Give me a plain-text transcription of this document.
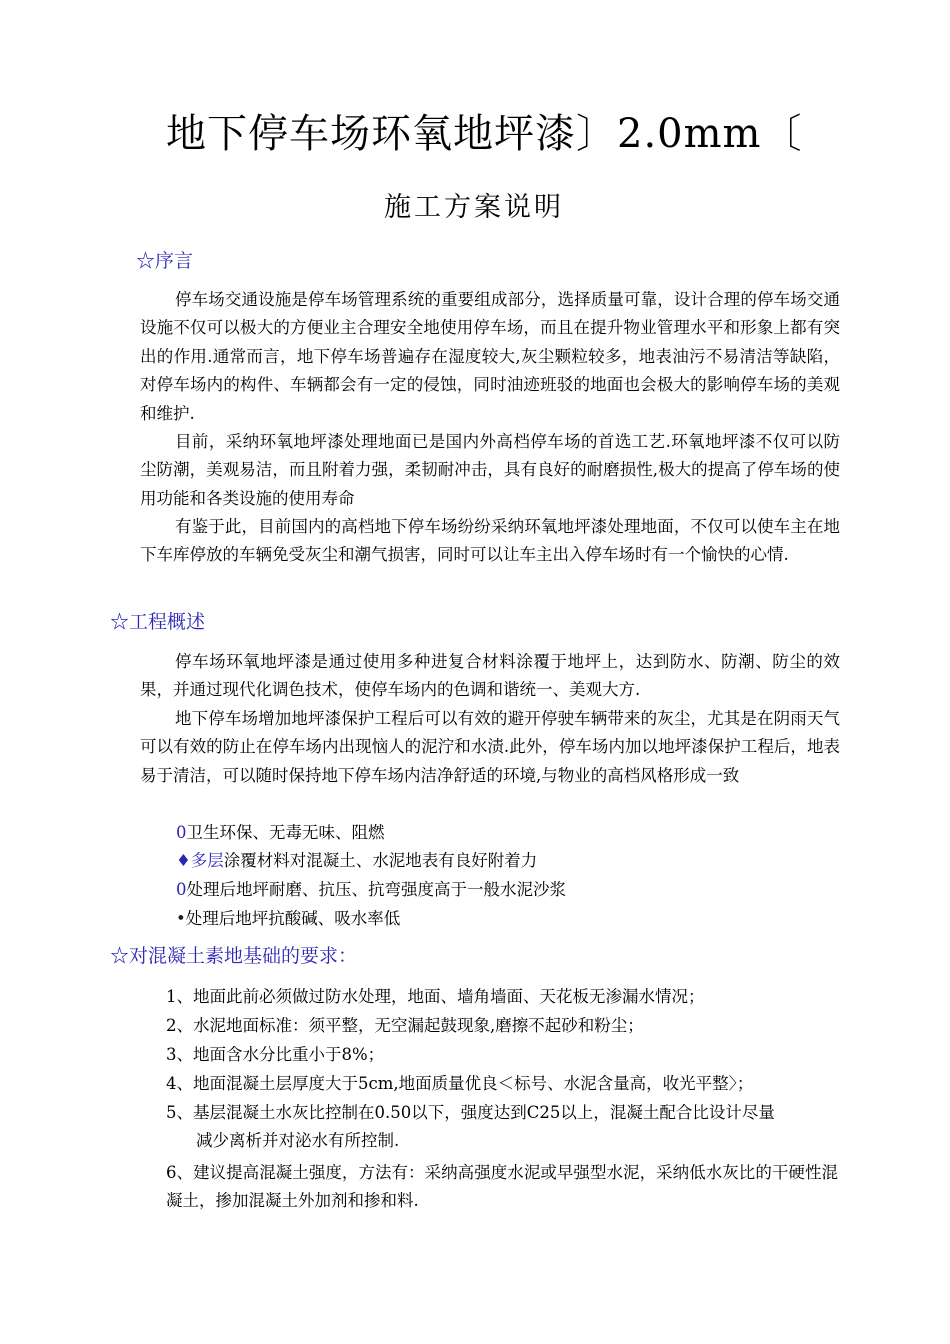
地下停车场环氧地坪漆〕2.0mm〔
施工方案说明
☆序言
停车场交通设施是停车场管理系统的重要组成部分，选择质量可靠，设计合理的停车场交通设施不仅可以极大的方便业主合理安全地使用停车场，而且在提升物业管理水平和形象上都有突出的作用.通常而言，地下停车场普遍存在湿度较大,灰尘颗粒较多，地表油污不易清洁等缺陷，对停车场内的构件、车辆都会有一定的侵蚀，同时油迹班驳的地面也会极大的影响停车场的美观和维护.
目前，采纳环氧地坪漆处理地面已是国内外高档停车场的首选工艺.环氧地坪漆不仅可以防尘防潮，美观易洁，而且附着力强，柔韧耐冲击，具有良好的耐磨损性,极大的提高了停车场的使用功能和各类设施的使用寿命
有鉴于此，目前国内的高档地下停车场纷纷采纳环氧地坪漆处理地面，不仅可以使车主在地下车库停放的车辆免受灰尘和潮气损害，同时可以让车主出入停车场时有一个愉快的心情.
☆工程概述
停车场环氧地坪漆是通过使用多种进复合材料涂覆于地坪上，达到防水、防潮、防尘的效果，并通过现代化调色技术，使停车场内的色调和谐统一、美观大方.
地下停车场增加地坪漆保护工程后可以有效的避开停驶车辆带来的灰尘，尤其是在阴雨天气可以有效的防止在停车场内出现恼人的泥泞和水渍.此外，停车场内加以地坪漆保护工程后，地表易于清洁，可以随时保持地下停车场内洁净舒适的环境,与物业的高档风格形成一致
0卫生环保、无毒无味、阻燃
♦多层涂覆材料对混凝土、水泥地表有良好附着力
0处理后地坪耐磨、抗压、抗弯强度高于一般水泥沙浆
•处理后地坪抗酸碱、吸水率低
☆对混凝土素地基础的要求：
1、地面此前必须做过防水处理，地面、墙角墙面、天花板无渗漏水情况；
2、水泥地面标准：须平整，无空漏起鼓现象,磨擦不起砂和粉尘；
3、地面含水分比重小于8%；
4、地面混凝土层厚度大于5cm,地面质量优良＜标号、水泥含量高，收光平整〉；
5、基层混凝土水灰比控制在0.50以下，强度达到C25以上，混凝土配合比设计尽量
减少离析并对泌水有所控制.
6、建议提高混凝土强度，方法有：采纳高强度水泥或早强型水泥，采纳低水灰比的干硬性混凝土，掺加混凝土外加剂和掺和料.
